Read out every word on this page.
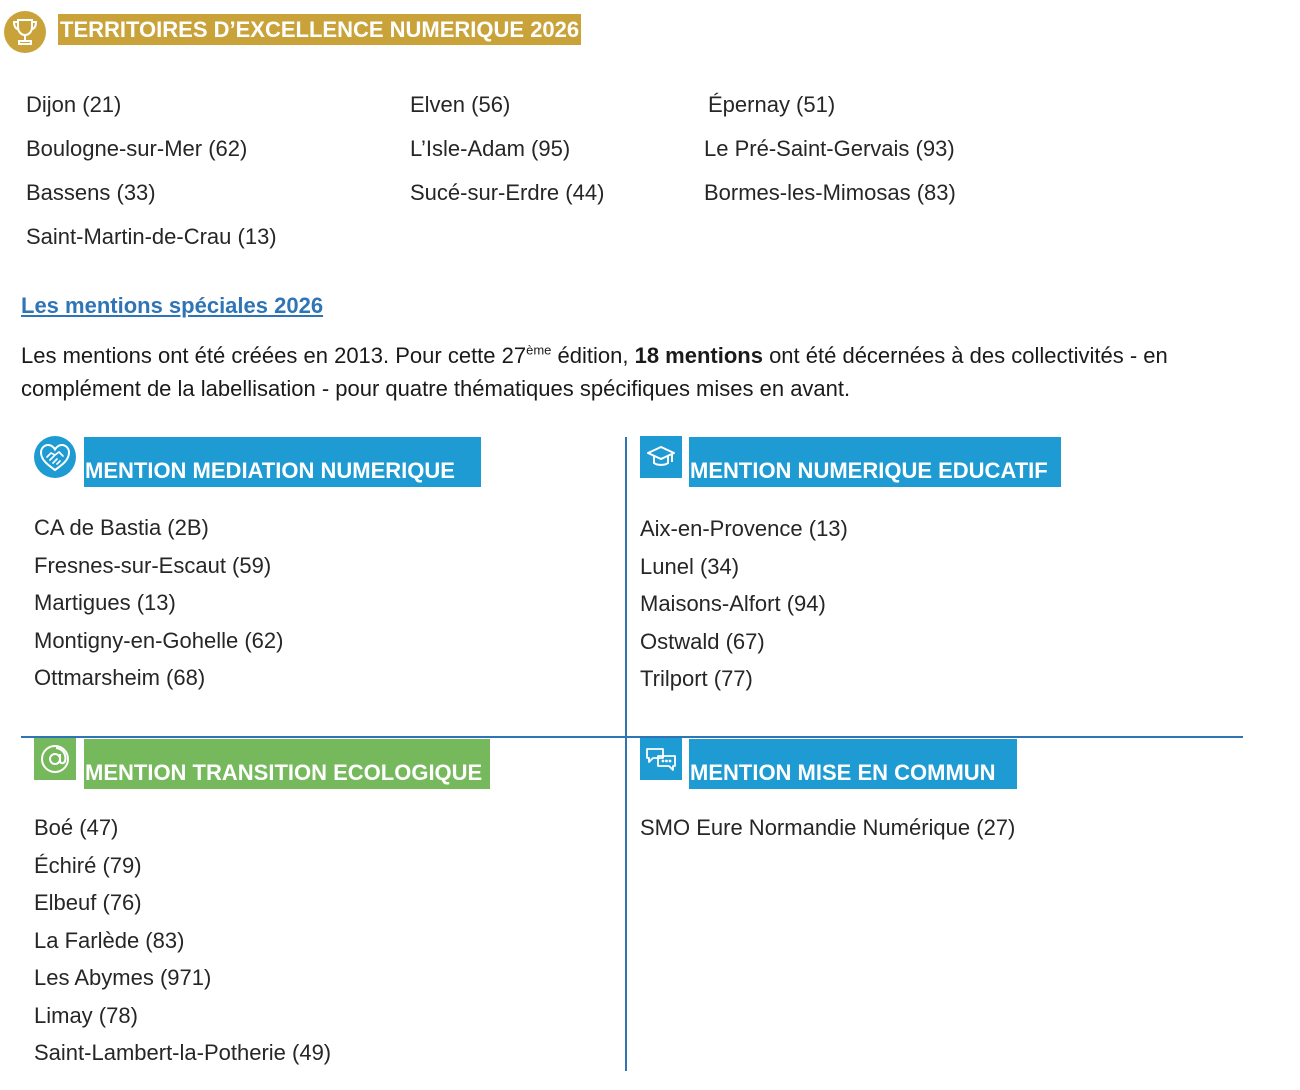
TERRITOIRES D’EXCELLENCE NUMERIQUE 2026
Dijon (21)
Boulogne-sur-Mer (62)
Bassens (33)
Saint-Martin-de-Crau (13)
Elven (56)
L’Isle-Adam (95)
Sucé-sur-Erdre (44)
Épernay (51)
Le Pré-Saint-Gervais (93)
Bormes-les-Mimosas (83)
Les mentions spéciales 2026
Les mentions ont été créées en 2013. Pour cette 27ème édition, 18 mentions ont été décernées à des collectivités - en complément de la labellisation - pour quatre thématiques spécifiques mises en avant.
MENTION MEDIATION NUMERIQUE
CA de Bastia (2B)
Fresnes-sur-Escaut (59)
Martigues (13)
Montigny-en-Gohelle (62)
Ottmarsheim (68)
MENTION NUMERIQUE EDUCATIF
Aix-en-Provence (13)
Lunel (34)
Maisons-Alfort (94)
Ostwald (67)
Trilport (77)
MENTION TRANSITION ECOLOGIQUE
Boé (47)
Échiré (79)
Elbeuf (76)
La Farlède (83)
Les Abymes (971)
Limay (78)
Saint-Lambert-la-Potherie (49)
MENTION MISE EN COMMUN
SMO Eure Normandie Numérique (27)
